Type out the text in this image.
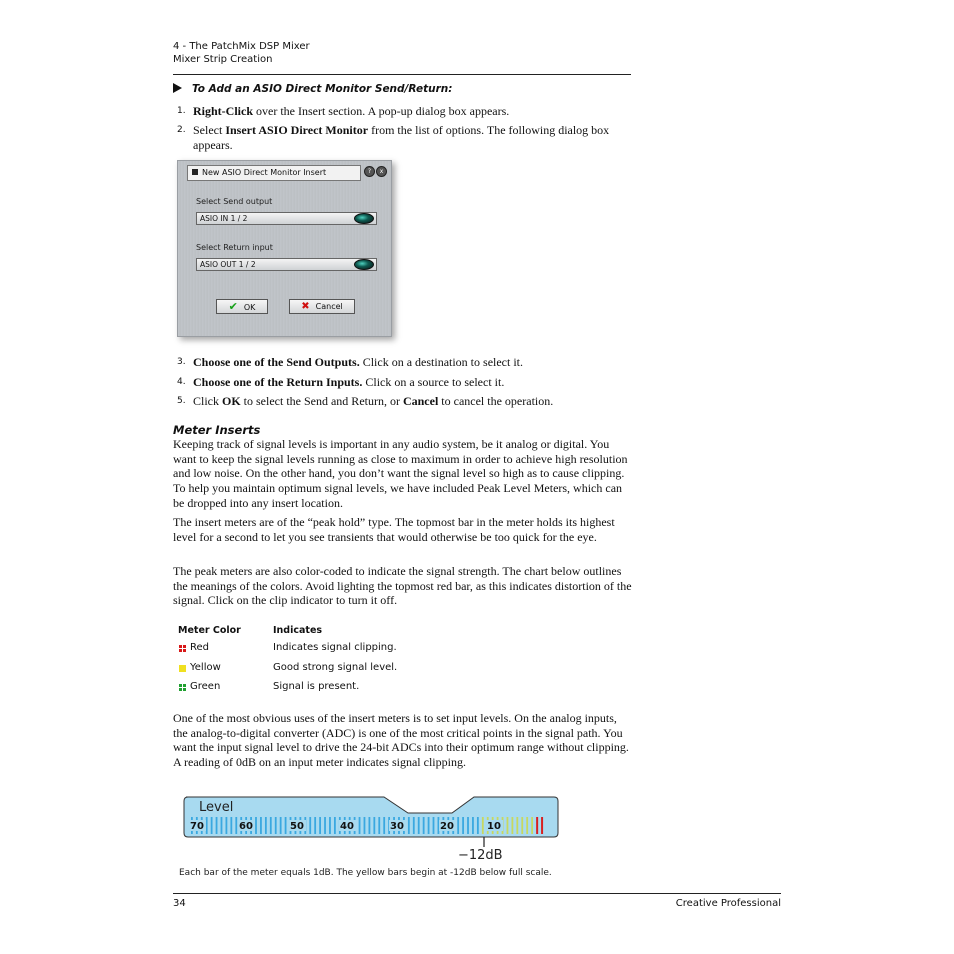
4 - The PatchMix DSP Mixer
Mixer Strip Creation
To Add an ASIO Direct Monitor Send/Return:
1. Right-Click over the Insert section. A pop-up dialog box appears.
2. Select Insert ASIO Direct Monitor from the list of options. The following dialog box appears.
New ASIO Direct Monitor Insert	?	x
Select Send output
ASIO IN 1 / 2
Select Return input
ASIO OUT 1 / 2
✔ OK	✖ Cancel
3. Choose one of the Send Outputs. Click on a destination to select it.
4. Choose one of the Return Inputs. Click on a source to select it.
5. Click OK to select the Send and Return, or Cancel to cancel the operation.
Meter Inserts
Keeping track of signal levels is important in any audio system, be it analog or digital. You want to keep the signal levels running as close to maximum in order to achieve high resolution and low noise. On the other hand, you don’t want the signal level so high as to cause clipping. To help you maintain optimum signal levels, we have included Peak Level Meters, which can be dropped into any insert location.
The insert meters are of the “peak hold” type. The topmost bar in the meter holds its highest level for a second to let you see transients that would otherwise be too quick for the eye.
The peak meters are also color-coded to indicate the signal strength. The chart below outlines the meanings of the colors. Avoid lighting the topmost red bar, as this indicates distortion of the signal. Click on the clip indicator to turn it off.
Meter Color	Indicates
Red	Indicates signal clipping.
Yellow	Good strong signal level.
Green	Signal is present.
One of the most obvious uses of the insert meters is to set input levels. On the analog inputs, the analog-to-digital converter (ADC) is one of the most critical points in the signal path. You want the input signal level to drive the 24-bit ADCs into their optimum range without clipping. A reading of 0dB on an input meter indicates signal clipping.
Level
70	60	50	40	30	20	10
−12dB
Each bar of the meter equals 1dB. The yellow bars begin at -12dB below full scale.
34	Creative Professional
